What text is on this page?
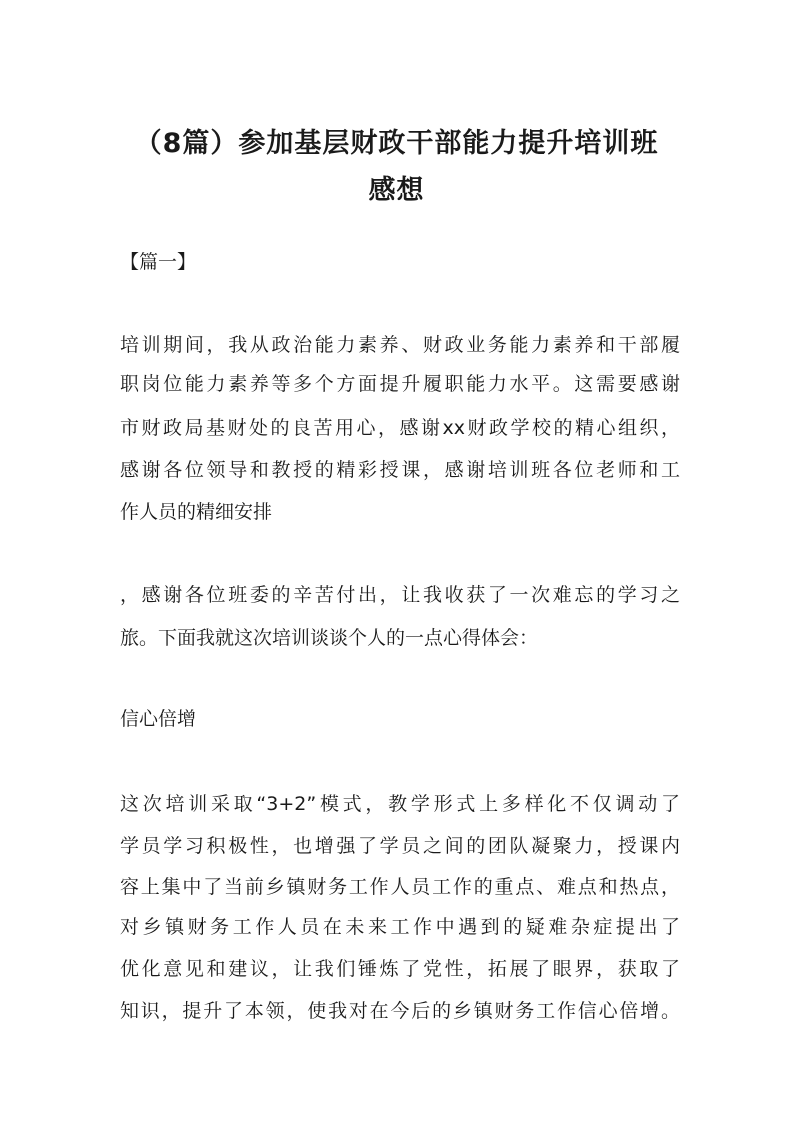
（8篇）参加基层财政干部能力提升培训班
感想

【篇一】

培训期间，我从政治能力素养、财政业务能力素养和干部履

职岗位能力素养等多个方面提升履职能力水平。这需要感谢

市财政局基财处的良苦用心，感谢xx财政学校的精心组织，

感谢各位领导和教授的精彩授课，感谢培训班各位老师和工

作人员的精细安排

，感谢各位班委的辛苦付出，让我收获了一次难忘的学习之

旅。下面我就这次培训谈谈个人的一点心得体会：

信心倍增

这次培训采取“3+2”模式，教学形式上多样化不仅调动了

学员学习积极性，也增强了学员之间的团队凝聚力，授课内

容上集中了当前乡镇财务工作人员工作的重点、难点和热点，

对乡镇财务工作人员在未来工作中遇到的疑难杂症提出了

优化意见和建议，让我们锤炼了党性，拓展了眼界，获取了

知识，提升了本领，使我对在今后的乡镇财务工作信心倍增。
